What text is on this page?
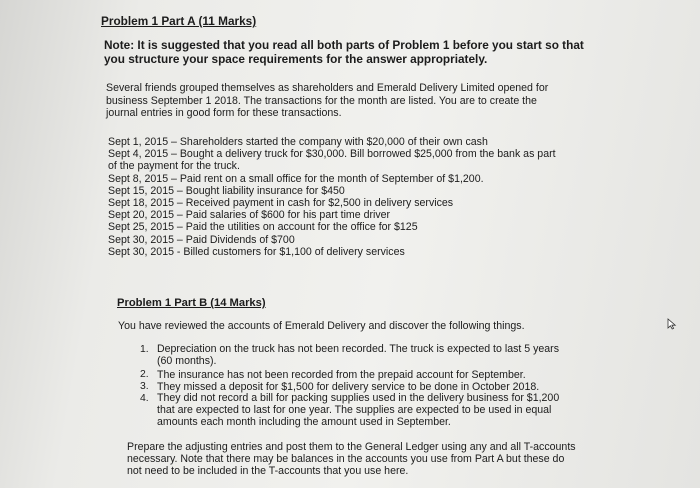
Problem 1 Part A (11 Marks)
Note: It is suggested that you read all both parts of Problem 1 before you start so that
you structure your space requirements for the answer appropriately.
Several friends grouped themselves as shareholders and Emerald Delivery Limited opened for
business September 1 2018. The transactions for the month are listed. You are to create the
journal entries in good form for these transactions.
Sept 1, 2015 – Shareholders started the company with $20,000 of their own cash
Sept 4, 2015 – Bought a delivery truck for $30,000. Bill borrowed $25,000 from the bank as part
of the payment for the truck.
Sept 8, 2015 – Paid rent on a small office for the month of September of $1,200.
Sept 15, 2015 – Bought liability insurance for $450
Sept 18, 2015 – Received payment in cash for $2,500 in delivery services
Sept 20, 2015 – Paid salaries of $600 for his part time driver
Sept 25, 2015 – Paid the utilities on account for the office for $125
Sept 30, 2015 – Paid Dividends of $700
Sept 30, 2015 - Billed customers for $1,100 of delivery services
Problem 1 Part B (14 Marks)
You have reviewed the accounts of Emerald Delivery and discover the following things.
1. Depreciation on the truck has not been recorded. The truck is expected to last 5 years
(60 months).
2. The insurance has not been recorded from the prepaid account for September.
3. They missed a deposit for $1,500 for delivery service to be done in October 2018.
4. They did not record a bill for packing supplies used in the delivery business for $1,200
that are expected to last for one year. The supplies are expected to be used in equal
amounts each month including the amount used in September.
Prepare the adjusting entries and post them to the General Ledger using any and all T-accounts
necessary. Note that there may be balances in the accounts you use from Part A but these do
not need to be included in the T-accounts that you use here.
